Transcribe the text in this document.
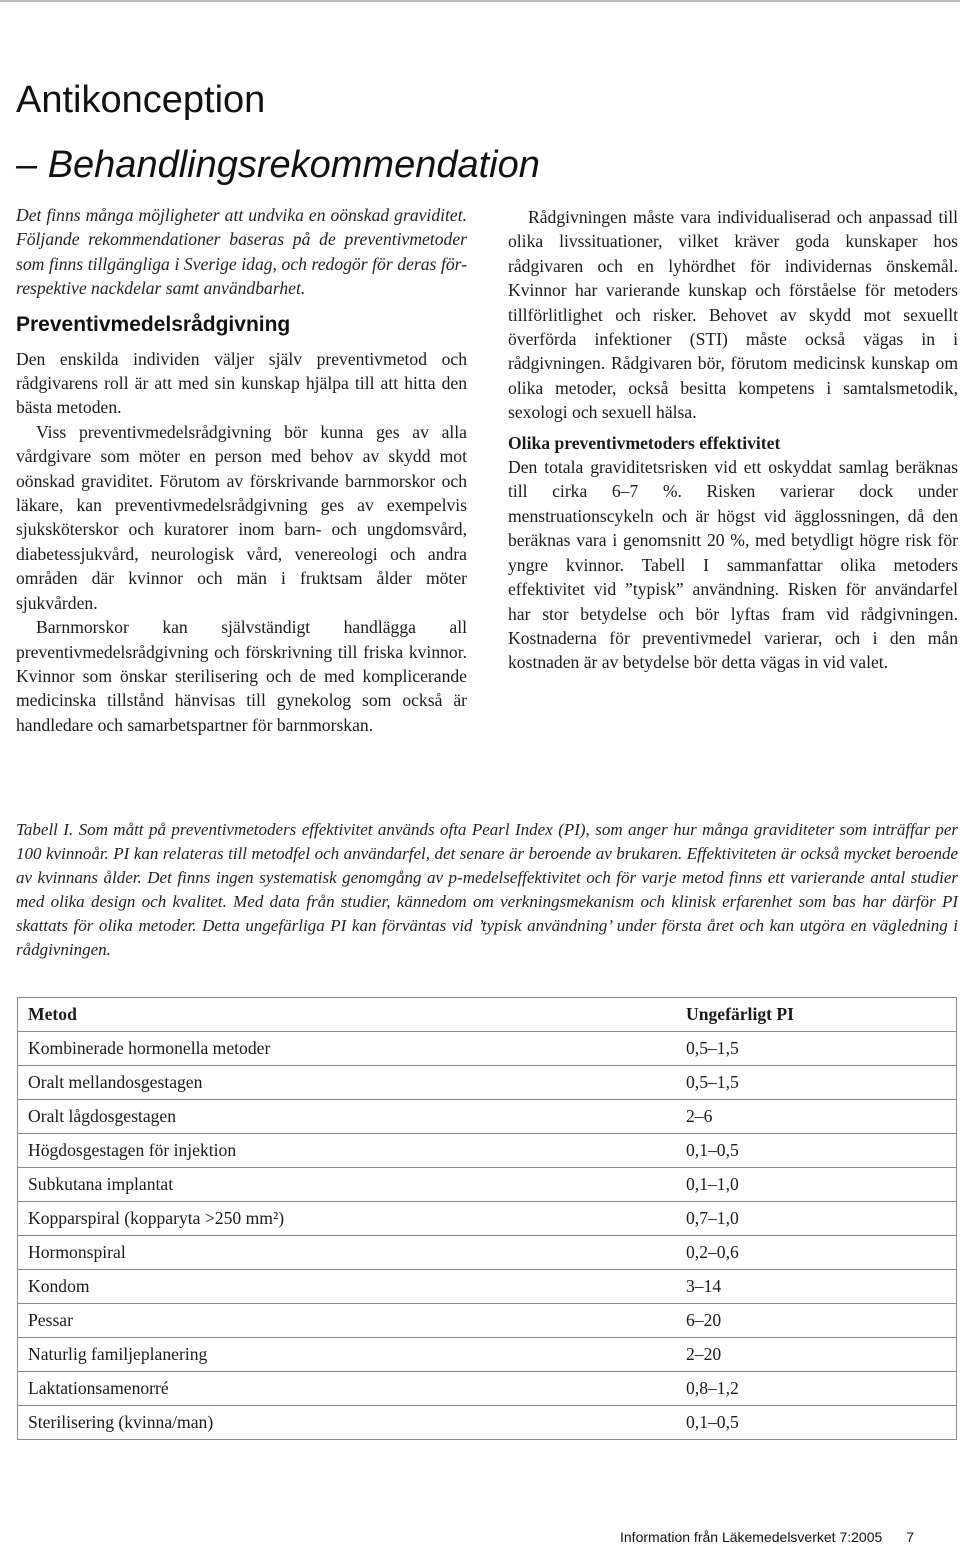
Antikonception
– Behandlingsrekommendation

Det finns många möjligheter att undvika en oönskad graviditet. Följande rekommendationer baseras på de preventivmetoder som finns tillgängliga i Sverige idag, och redogör för deras för- respektive nackdelar samt användbarhet.

Preventivmedelsrådgivning

Den enskilda individen väljer själv preventivmetod och rådgivarens roll är att med sin kunskap hjälpa till att hitta den bästa metoden.

Viss preventivmedelsrådgivning bör kunna ges av alla vårdgivare som möter en person med behov av skydd mot oönskad graviditet. Förutom av förskrivande barnmorskor och läkare, kan preventivmedelsrådgivning ges av exempelvis sjuksköterskor och kuratorer inom barn- och ungdomsvård, diabetessjukvård, neurologisk vård, venereologi och andra områden där kvinnor och män i fruktsam ålder möter sjukvården.

Barnmorskor kan självständigt handlägga all preventivmedelsrådgivning och förskrivning till friska kvinnor. Kvinnor som önskar sterilisering och de med komplicerande medicinska tillstånd hänvisas till gynekolog som också är handledare och samarbetspartner för barnmorskan.

Rådgivningen måste vara individualiserad och anpassad till olika livssituationer, vilket kräver goda kunskaper hos rådgivaren och en lyhördhet för individernas önskemål. Kvinnor har varierande kunskap och förståelse för metoders tillförlitlighet och risker. Behovet av skydd mot sexuellt överförda infektioner (STI) måste också vägas in i rådgivningen. Rådgivaren bör, förutom medicinsk kunskap om olika metoder, också besitta kompetens i samtalsmetodik, sexologi och sexuell hälsa.

Olika preventivmetoders effektivitet

Den totala graviditetsrisken vid ett oskyddat samlag beräknas till cirka 6–7 %. Risken varierar dock under menstruationscykeln och är högst vid ägglossningen, då den beräknas vara i genomsnitt 20 %, med betydligt högre risk för yngre kvinnor. Tabell I sammanfattar olika metoders effektivitet vid ”typisk” användning. Risken för användarfel har stor betydelse och bör lyftas fram vid rådgivningen. Kostnaderna för preventivmedel varierar, och i den mån kostnaden är av betydelse bör detta vägas in vid valet.

Tabell I. Som mått på preventivmetoders effektivitet används ofta Pearl Index (PI), som anger hur många graviditeter som inträffar per 100 kvinnoår. PI kan relateras till metodfel och användarfel, det senare är beroende av brukaren. Effektiviteten är också mycket beroende av kvinnans ålder. Det finns ingen systematisk genomgång av p-medelseffektivitet och för varje metod finns ett varierande antal studier med olika design och kvalitet. Med data från studier, kännedom om verkningsmekanism och klinisk erfarenhet som bas har därför PI skattats för olika metoder. Detta ungefärliga PI kan förväntas vid ’typisk användning’ under första året och kan utgöra en vägledning i rådgivningen.

Metod	Ungefärligt PI
Kombinerade hormonella metoder	0,5–1,5
Oralt mellandosgestagen	0,5–1,5
Oralt lågdosgestagen	2–6
Högdosgestagen för injektion	0,1–0,5
Subkutana implantat	0,1–1,0
Kopparspiral (kopparyta >250 mm²)	0,7–1,0
Hormonspiral	0,2–0,6
Kondom	3–14
Pessar	6–20
Naturlig familjeplanering	2–20
Laktationsamenorré	0,8–1,2
Sterilisering (kvinna/man)	0,1–0,5

Information från Läkemedelsverket 7:2005 7
